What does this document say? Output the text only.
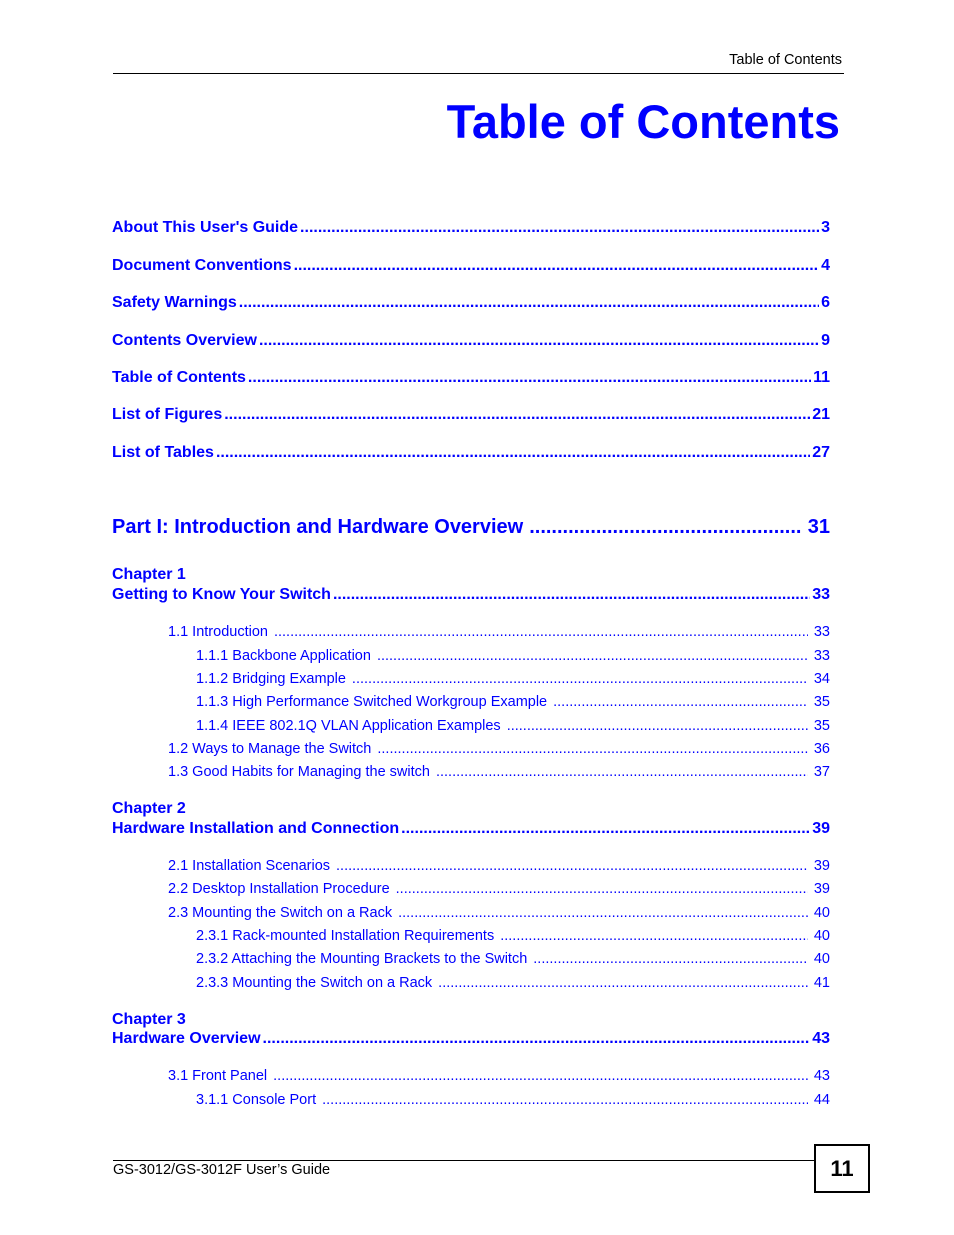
Table of Contents
Table of Contents
About This User's Guide .....	3
Document Conventions .....	4
Safety Warnings .....	6
Contents Overview .....	9
Table of Contents .....	11
List of Figures .....	21
List of Tables .....	27
Part I: Introduction and Hardware Overview .....	31
Chapter 1
Getting to Know Your Switch .....	33
1.1 Introduction .....	33
1.1.1 Backbone Application .....	33
1.1.2 Bridging Example .....	34
1.1.3 High Performance Switched Workgroup Example .....	35
1.1.4 IEEE 802.1Q VLAN Application Examples .....	35
1.2 Ways to Manage the Switch .....	36
1.3 Good Habits for Managing the switch .....	37
Chapter 2
Hardware Installation and Connection .....	39
2.1 Installation Scenarios .....	39
2.2 Desktop Installation Procedure .....	39
2.3 Mounting the Switch on a Rack .....	40
2.3.1 Rack-mounted Installation Requirements .....	40
2.3.2 Attaching the Mounting Brackets to the Switch .....	40
2.3.3 Mounting the Switch on a Rack .....	41
Chapter 3
Hardware Overview .....	43
3.1 Front Panel .....	43
3.1.1 Console Port .....	44
GS-3012/GS-3012F User’s Guide	11
